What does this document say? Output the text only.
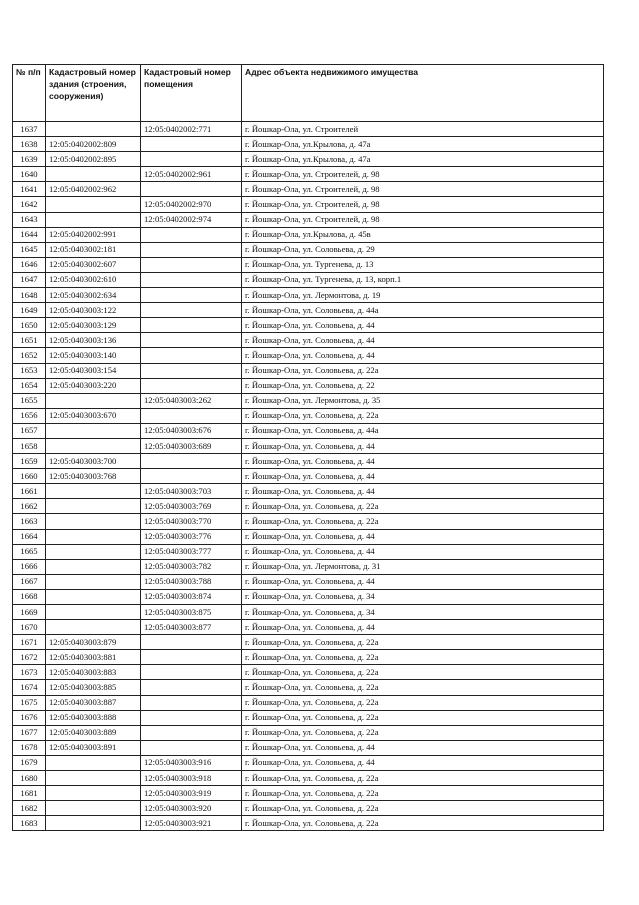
№ п/п	Кадастровый номер здания (строения, сооружения)	Кадастровый номер помещения	Адрес объекта недвижимого имущества
1637		12:05:0402002:771	г. Йошкар-Ола, ул. Строителей
1638	12:05:0402002:809		г. Йошкар-Ола, ул.Крылова, д. 47а
1639	12:05:0402002:895		г. Йошкар-Ола, ул.Крылова, д. 47а
1640		12:05:0402002:961	г. Йошкар-Ола, ул. Строителей, д. 98
1641	12:05:0402002:962		г. Йошкар-Ола, ул. Строителей, д. 98
1642		12:05:0402002:970	г. Йошкар-Ола, ул. Строителей, д. 98
1643		12:05:0402002:974	г. Йошкар-Ола, ул. Строителей, д. 98
1644	12:05:0402002:991		г. Йошкар-Ола, ул.Крылова, д. 45в
1645	12:05:0403002:181		г. Йошкар-Ола, ул. Соловьева, д. 29
1646	12:05:0403002:607		г. Йошкар-Ола, ул. Тургенева, д. 13
1647	12:05:0403002:610		г. Йошкар-Ола, ул. Тургенева, д. 13, корп.1
1648	12:05:0403002:634		г. Йошкар-Ола, ул. Лермонтова, д. 19
1649	12:05:0403003:122		г. Йошкар-Ола, ул. Соловьева, д. 44а
1650	12:05:0403003:129		г. Йошкар-Ола, ул. Соловьева, д. 44
1651	12:05:0403003:136		г. Йошкар-Ола, ул. Соловьева, д. 44
1652	12:05:0403003:140		г. Йошкар-Ола, ул. Соловьева, д. 44
1653	12:05:0403003:154		г. Йошкар-Ола, ул. Соловьева, д. 22а
1654	12:05:0403003:220		г. Йошкар-Ола, ул. Соловьева, д. 22
1655		12:05:0403003:262	г. Йошкар-Ола, ул. Лермонтова, д. 35
1656	12:05:0403003:670		г. Йошкар-Ола, ул. Соловьева, д. 22а
1657		12:05:0403003:676	г. Йошкар-Ола, ул. Соловьева, д. 44а
1658		12:05:0403003:689	г. Йошкар-Ола, ул. Соловьева, д. 44
1659	12:05:0403003:700		г. Йошкар-Ола, ул. Соловьева, д. 44
1660	12:05:0403003:768		г. Йошкар-Ола, ул. Соловьева, д. 44
1661		12:05:0403003:703	г. Йошкар-Ола, ул. Соловьева, д. 44
1662		12:05:0403003:769	г. Йошкар-Ола, ул. Соловьева, д. 22а
1663		12:05:0403003:770	г. Йошкар-Ола, ул. Соловьева, д. 22а
1664		12:05:0403003:776	г. Йошкар-Ола, ул. Соловьева, д. 44
1665		12:05:0403003:777	г. Йошкар-Ола, ул. Соловьева, д. 44
1666		12:05:0403003:782	г. Йошкар-Ола, ул. Лермонтова, д. 31
1667		12:05:0403003:788	г. Йошкар-Ола, ул. Соловьева, д. 44
1668		12:05:0403003:874	г. Йошкар-Ола, ул. Соловьева, д. 34
1669		12:05:0403003:875	г. Йошкар-Ола, ул. Соловьева, д. 34
1670		12:05:0403003:877	г. Йошкар-Ола, ул. Соловьева, д. 44
1671	12:05:0403003:879		г. Йошкар-Ола, ул. Соловьева, д. 22а
1672	12:05:0403003:881		г. Йошкар-Ола, ул. Соловьева, д. 22а
1673	12:05:0403003:883		г. Йошкар-Ола, ул. Соловьева, д. 22а
1674	12:05:0403003:885		г. Йошкар-Ола, ул. Соловьева, д. 22а
1675	12:05:0403003:887		г. Йошкар-Ола, ул. Соловьева, д. 22а
1676	12:05:0403003:888		г. Йошкар-Ола, ул. Соловьева, д. 22а
1677	12:05:0403003:889		г. Йошкар-Ола, ул. Соловьева, д. 22а
1678	12:05:0403003:891		г. Йошкар-Ола, ул. Соловьева, д. 44
1679		12:05:0403003:916	г. Йошкар-Ола, ул. Соловьева, д. 44
1680		12:05:0403003:918	г. Йошкар-Ола, ул. Соловьева, д. 22а
1681		12:05:0403003:919	г. Йошкар-Ола, ул. Соловьева, д. 22а
1682		12:05:0403003:920	г. Йошкар-Ола, ул. Соловьева, д. 22а
1683		12:05:0403003:921	г. Йошкар-Ола, ул. Соловьева, д. 22а
